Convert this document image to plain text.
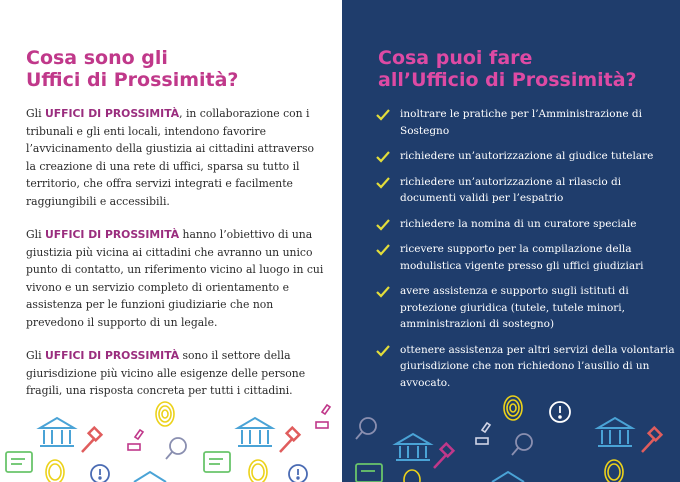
Cosa sono gli
Uffici di Prossimità?

Gli UFFICI DI PROSSIMITÀ, in collaborazione con i tribunali e gli enti locali, intendono favorire l’avvicinamento della giustizia ai cittadini attraverso la creazione di una rete di uffici, sparsa su tutto il territorio, che offra servizi integrati e facilmente raggiungibili e accessibili.

Gli UFFICI DI PROSSIMITÀ hanno l’obiettivo di una giustizia più vicina ai cittadini che avranno un unico punto di contatto, un riferimento vicino al luogo in cui vivono e un servizio completo di orientamento e assistenza per le funzioni giudiziarie che non prevedono il supporto di un legale.

Gli UFFICI DI PROSSIMITÀ sono il settore della giurisdizione più vicino alle esigenze delle persone fragili, una risposta concreta per tutti i cittadini.

Cosa puoi fare
all’Ufficio di Prossimità?
inoltrare le pratiche per l’Amministrazione di Sostegno
richiedere un’autorizzazione al giudice tutelare
richiedere un’autorizzazione al rilascio di documenti validi per l’espatrio
richiedere la nomina di un curatore speciale
ricevere supporto per la compilazione della modulistica vigente presso gli uffici giudiziari
avere assistenza e supporto sugli istituti di protezione giuridica (tutele, tutele minori, amministrazioni di sostegno)
ottenere assistenza per altri servizi della volontaria giurisdizione che non richiedono l’ausilio di un avvocato.
